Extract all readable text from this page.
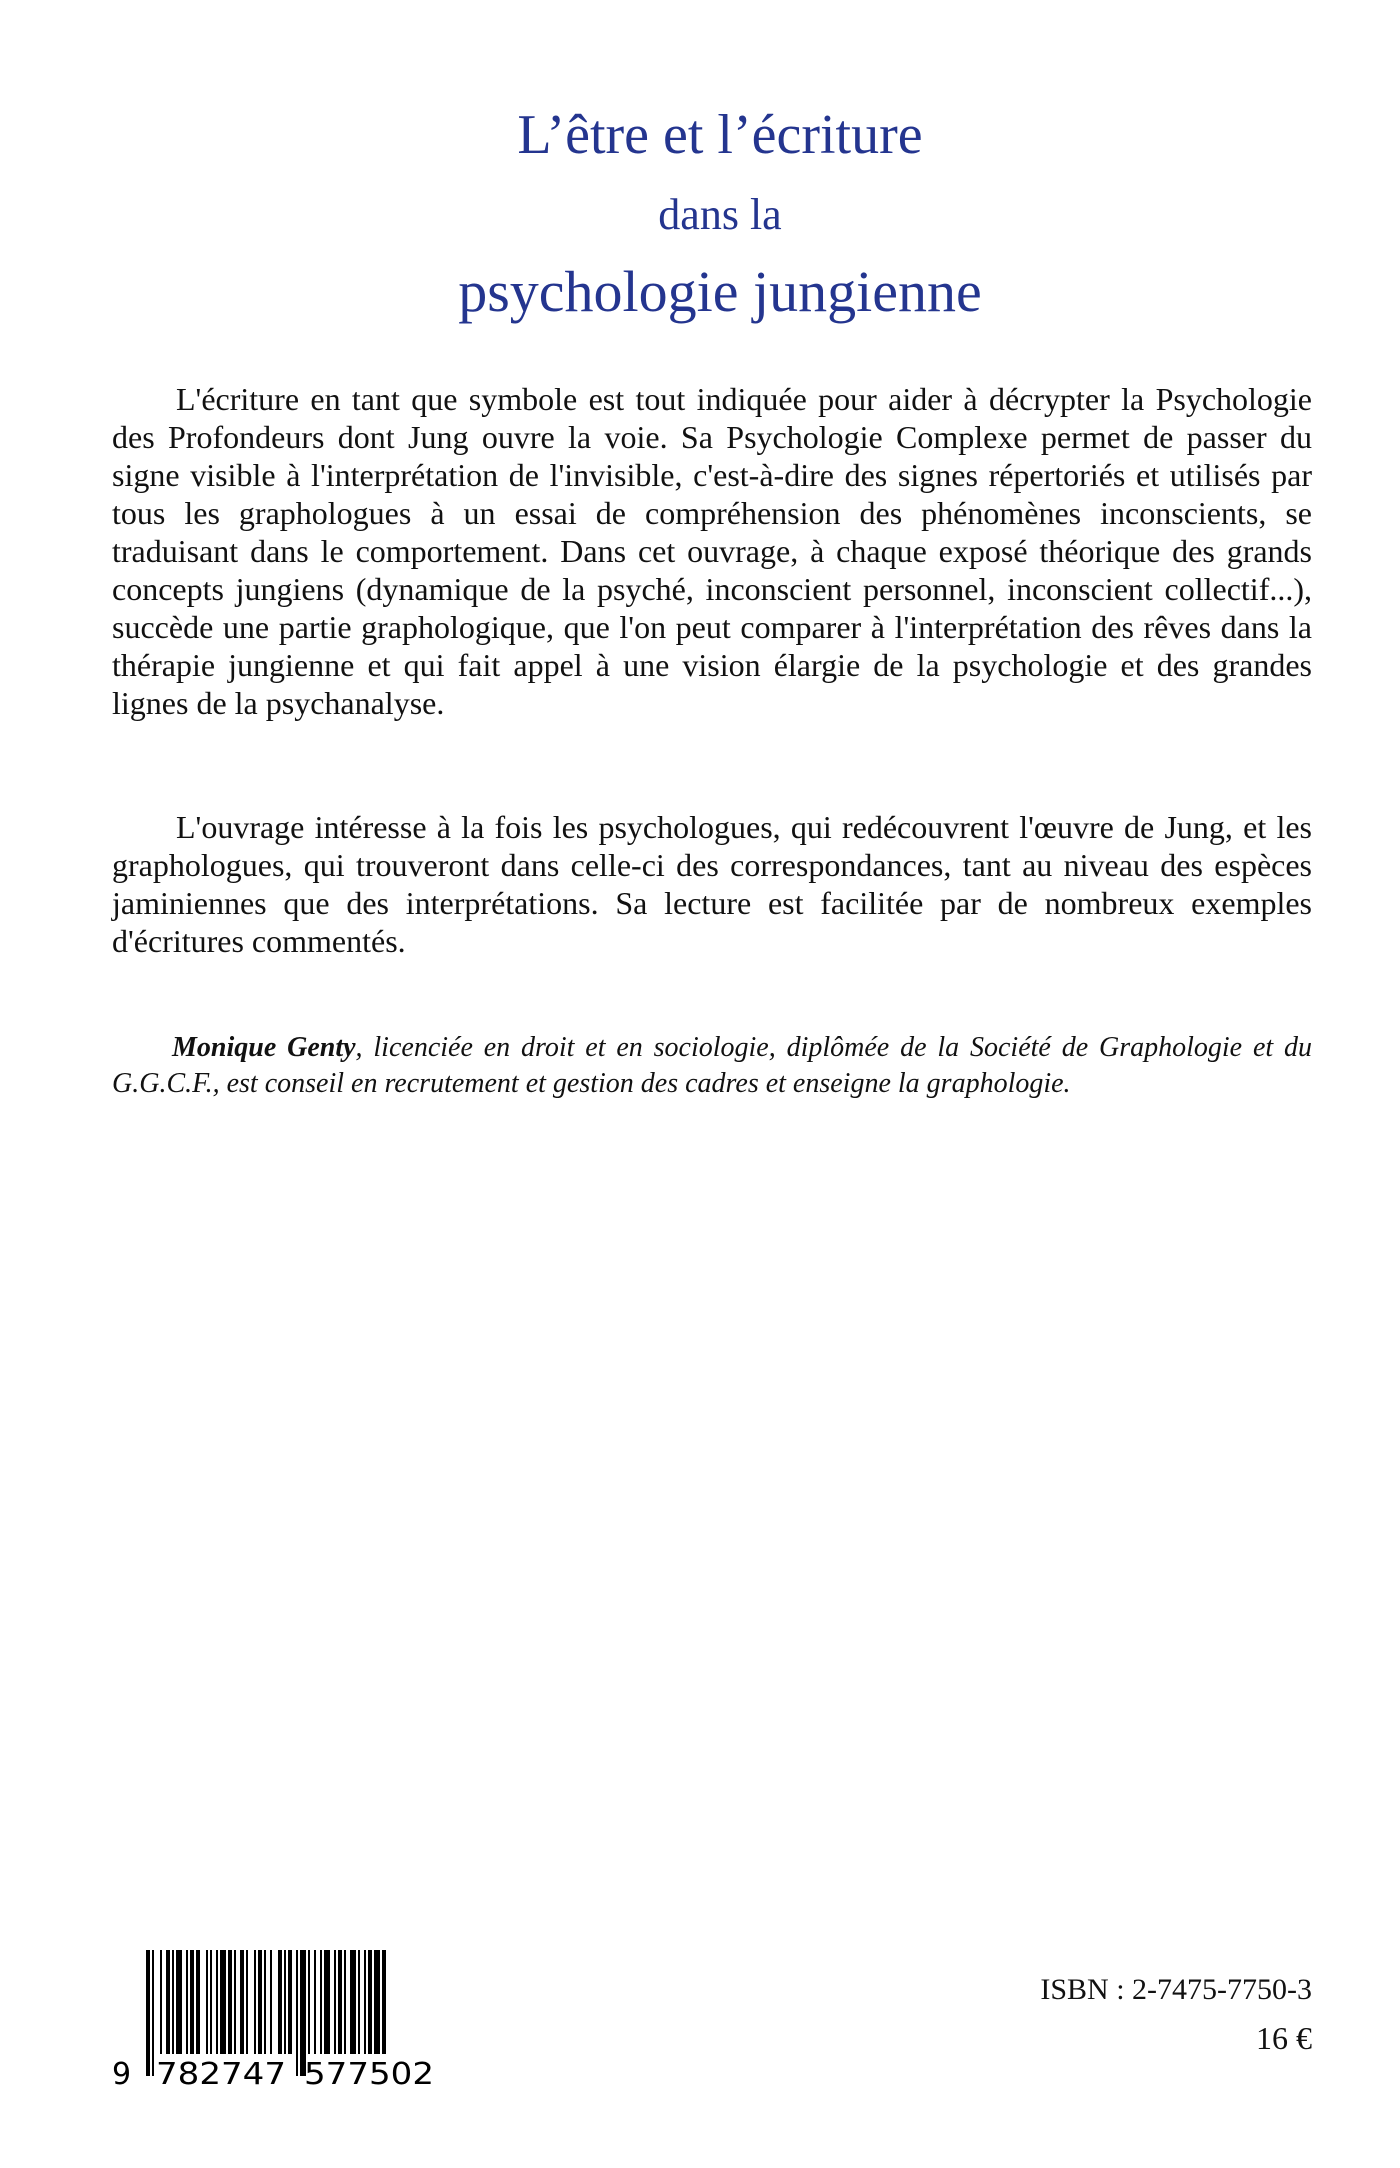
L’être et l’écriture
dans la
psychologie jungienne

L'écriture en tant que symbole est tout indiquée pour aider à décrypter la Psychologie des Profondeurs dont Jung ouvre la voie. Sa Psychologie Complexe permet de passer du signe visible à l'interprétation de l'invisible, c'est-à-dire des signes répertoriés et utilisés par tous les graphologues à un essai de compréhension des phénomènes inconscients, se traduisant dans le comportement. Dans cet ouvrage, à chaque exposé théorique des grands concepts jungiens (dynamique de la psyché, inconscient personnel, inconscient collectif...), succède une partie graphologique, que l'on peut comparer à l'interprétation des rêves dans la thérapie jungienne et qui fait appel à une vision élargie de la psychologie et des grandes lignes de la psychanalyse.

L'ouvrage intéresse à la fois les psychologues, qui redécouvrent l'œuvre de Jung, et les graphologues, qui trouveront dans celle-ci des correspondances, tant au niveau des espèces jaminiennes que des interprétations. Sa lecture est facilitée par de nombreux exemples d'écritures commentés.

Monique Genty, licenciée en droit et en sociologie, diplômée de la Société de Graphologie et du G.G.C.F., est conseil en recrutement et gestion des cadres et enseigne la graphologie.

9 782747 577502
ISBN : 2-7475-7750-3
16 €
